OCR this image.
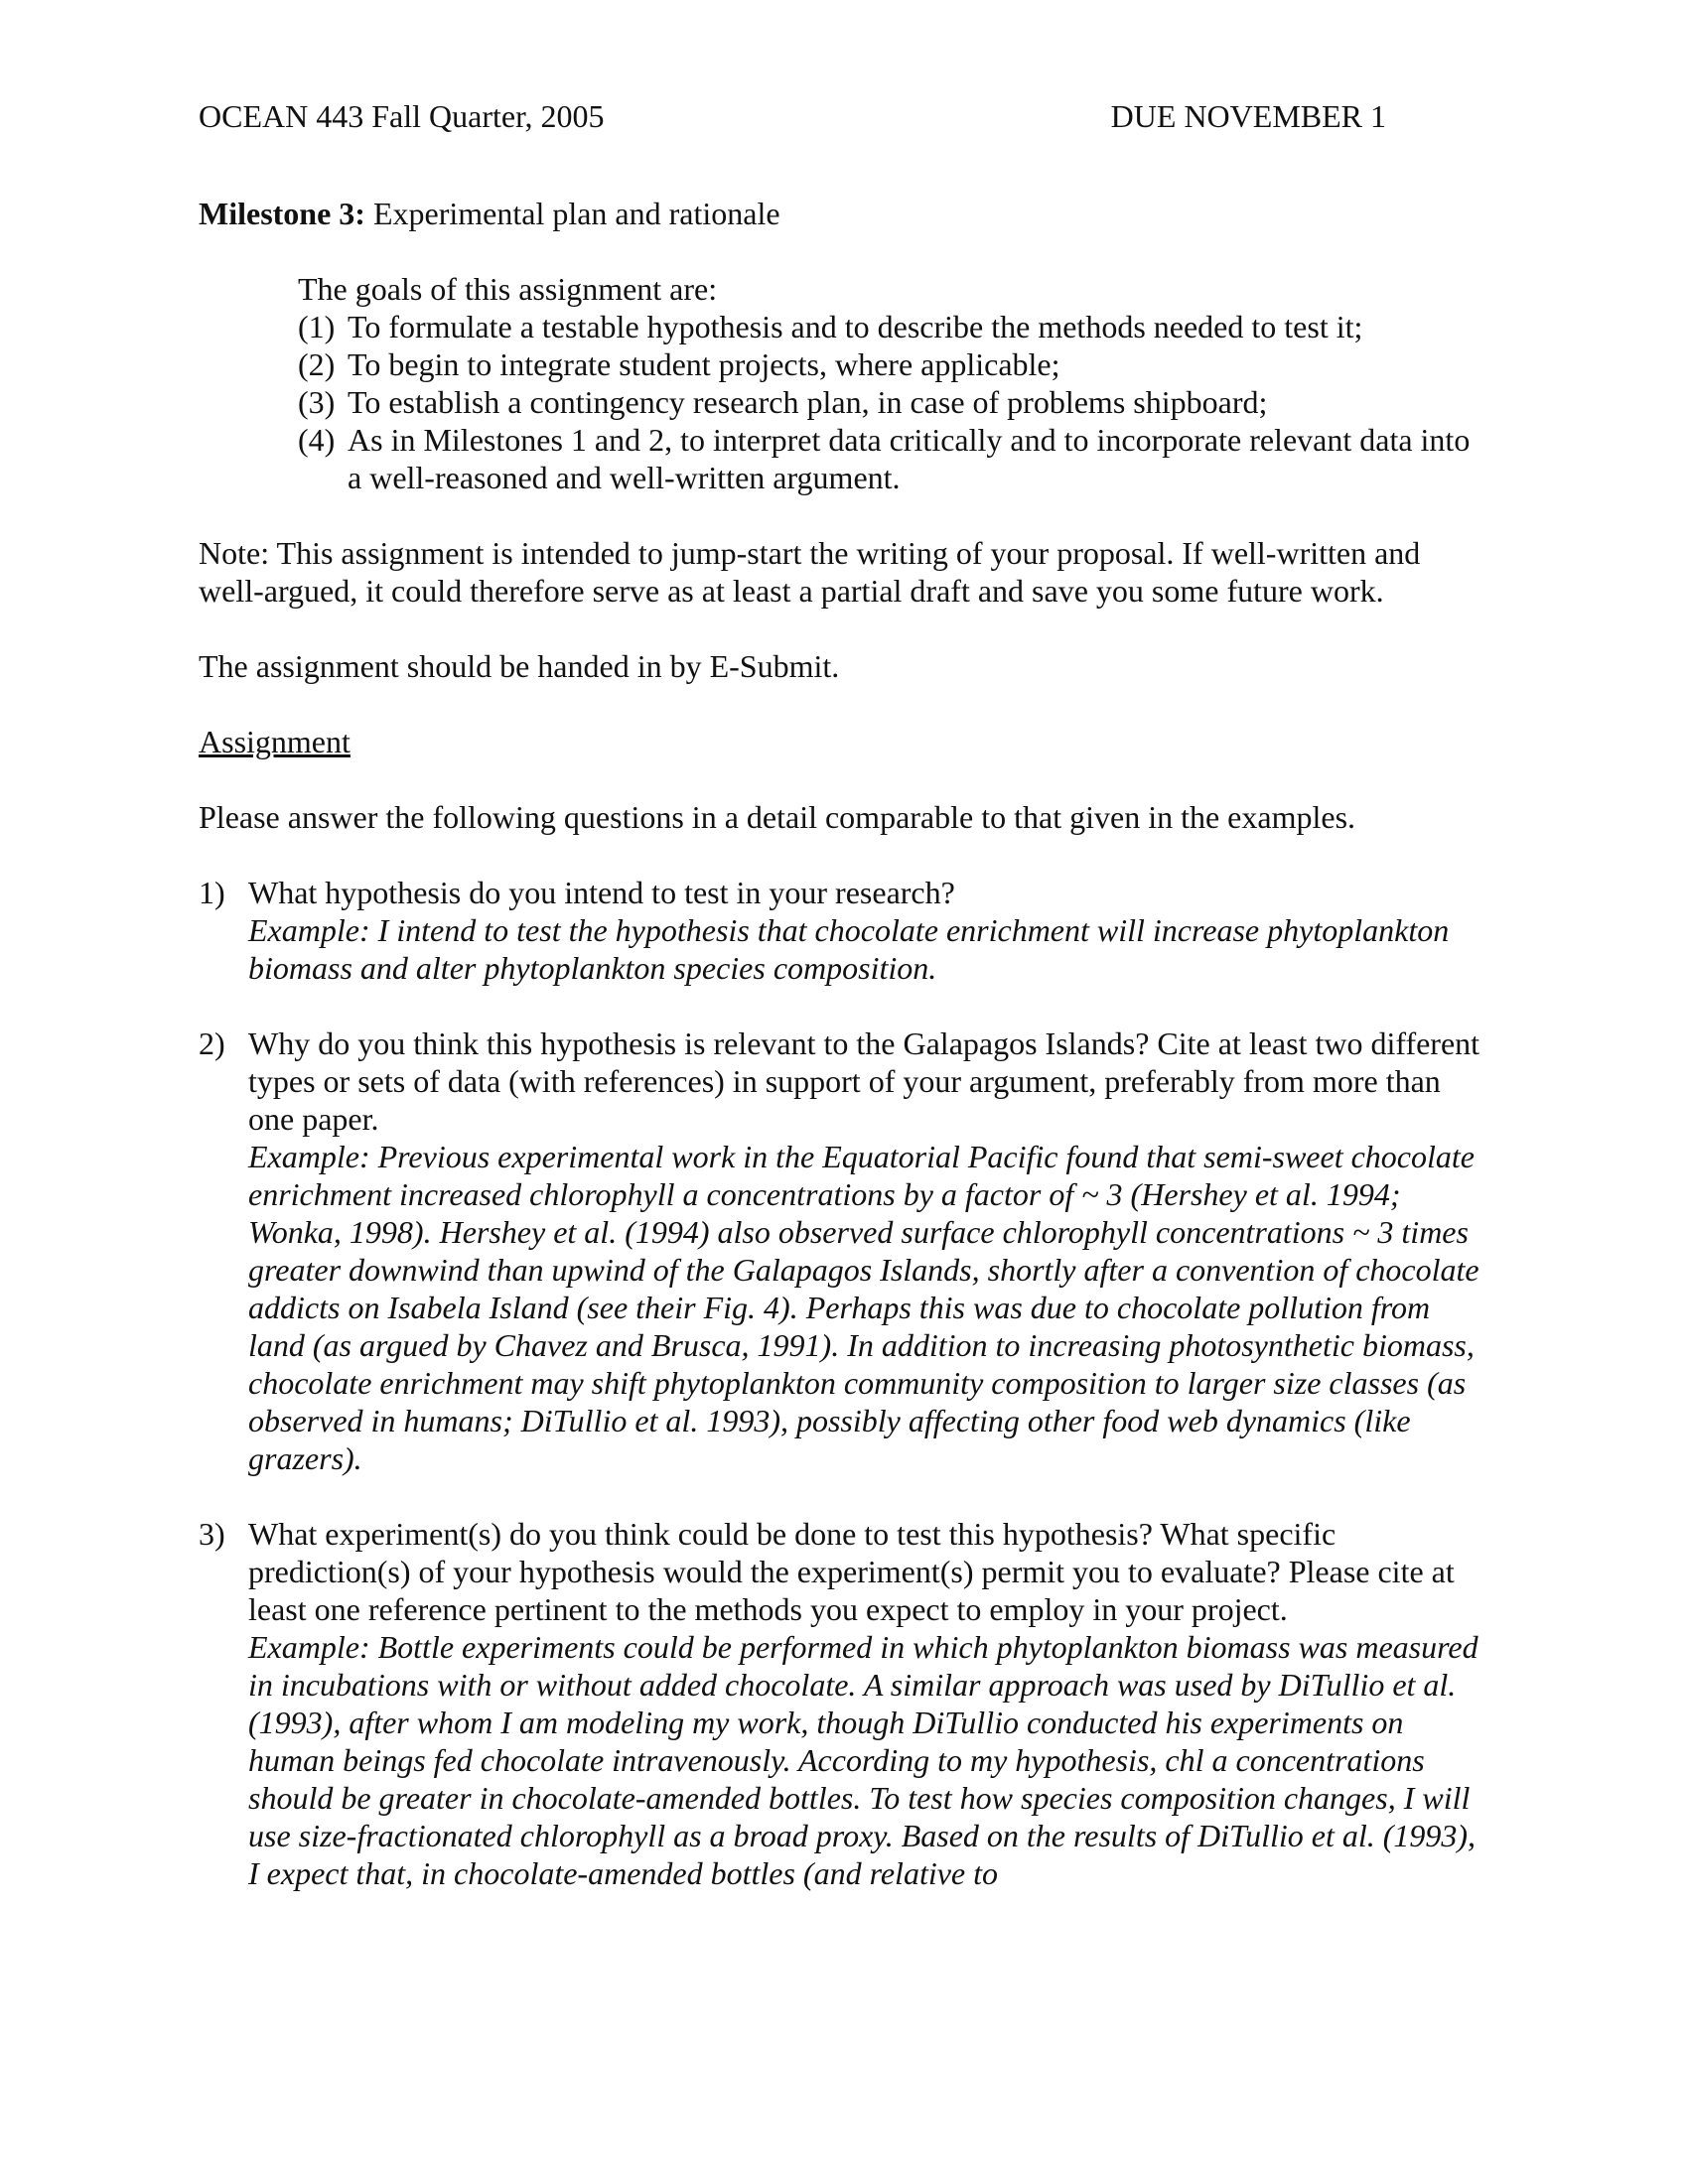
OCEAN 443 Fall Quarter, 2005	DUE NOVEMBER 1

Milestone 3: Experimental plan and rationale

The goals of this assignment are:

(1) To formulate a testable hypothesis and to describe the methods needed to test it;
(2) To begin to integrate student projects, where applicable;
(3) To establish a contingency research plan, in case of problems shipboard;
(4) As in Milestones 1 and 2, to interpret data critically and to incorporate relevant data into a well-reasoned and well-written argument.

Note: This assignment is intended to jump-start the writing of your proposal. If well-written and well-argued, it could therefore serve as at least a partial draft and save you some future work.

The assignment should be handed in by E-Submit.

Assignment

Please answer the following questions in a detail comparable to that given in the examples.

1) What hypothesis do you intend to test in your research?

Example: I intend to test the hypothesis that chocolate enrichment will increase phytoplankton biomass and alter phytoplankton species composition.

2) Why do you think this hypothesis is relevant to the Galapagos Islands? Cite at least two different types or sets of data (with references) in support of your argument, preferably from more than one paper.

Example: Previous experimental work in the Equatorial Pacific found that semi-sweet chocolate enrichment increased chlorophyll a concentrations by a factor of ~ 3 (Hershey et al. 1994; Wonka, 1998). Hershey et al. (1994) also observed surface chlorophyll concentrations ~ 3 times greater downwind than upwind of the Galapagos Islands, shortly after a convention of chocolate addicts on Isabela Island (see their Fig. 4). Perhaps this was due to chocolate pollution from land (as argued by Chavez and Brusca, 1991). In addition to increasing photosynthetic biomass, chocolate enrichment may shift phytoplankton community composition to larger size classes (as observed in humans; DiTullio et al. 1993), possibly affecting other food web dynamics (like grazers).

3) What experiment(s) do you think could be done to test this hypothesis? What specific prediction(s) of your hypothesis would the experiment(s) permit you to evaluate? Please cite at least one reference pertinent to the methods you expect to employ in your project.

Example: Bottle experiments could be performed in which phytoplankton biomass was measured in incubations with or without added chocolate. A similar approach was used by DiTullio et al. (1993), after whom I am modeling my work, though DiTullio conducted his experiments on human beings fed chocolate intravenously. According to my hypothesis, chl a concentrations should be greater in chocolate-amended bottles. To test how species composition changes, I will use size-fractionated chlorophyll as a broad proxy. Based on the results of DiTullio et al. (1993), I expect that, in chocolate-amended bottles (and relative to
